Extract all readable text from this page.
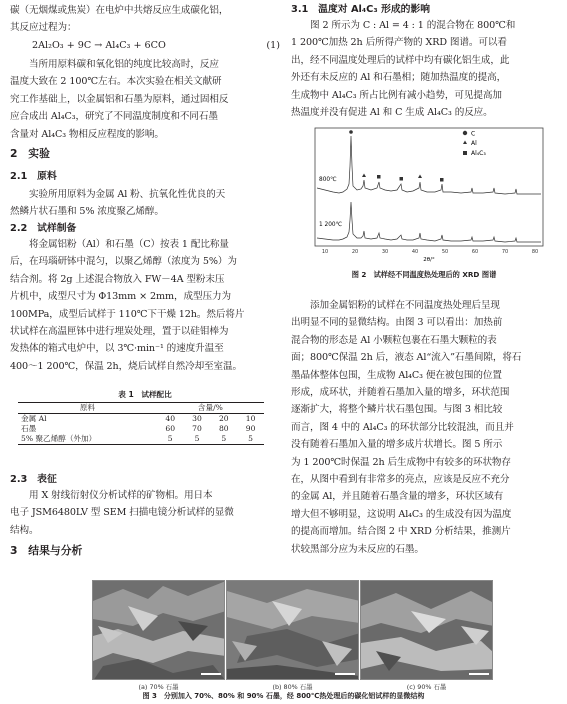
碳（无烟煤或焦炭）在电炉中共熔反应生成碳化铝，
其反应过程为：
2Al₂O₃ + 9C → Al₄C₃ + 6CO	(1)
当所用原料碳和氧化铝的纯度比较高时，反应
温度大致在 2 100℃左右。本次实验在相关文献研
究工作基础上，以金属铝和石墨为原料，通过固相反
应合成出 Al₄C₃，研究了不同温度制度和不同石墨
含量对 Al₄C₃ 物相反应程度的影响。
2　实验
2.1　原料
实验所用原料为金属 Al 粉、抗氧化性优良的天
然鳞片状石墨和 5% 浓度聚乙烯醇。
2.2　试样制备
将金属铝粉（Al）和石墨（C）按表 1 配比称量
后，在玛瑙研钵中混匀，以聚乙烯醇（浓度为 5%）为
结合剂。将 2g 上述混合物放入 FW－4A 型粉末压
片机中，成型尺寸为 Φ13mm × 2mm，成型压力为
100MPa，成型后试样于 110℃下干燥 12h。然后将片
状试样在高温匣钵中进行埋炭处理，置于以硅钼棒为
发热体的箱式电炉中，以 3℃·min⁻¹ 的速度升温至
400～1 200℃，保温 2h，烧后试样自然冷却至室温。
表 1　试样配比
原料	含量/%			
金属 Al	40	30	20	10
石墨	60	70	80	90
5% 聚乙烯醇（外加）	5	5	5	5
2.3　表征
用 X 射线衍射仪分析试样的矿物相。用日本
电子 JSM6480LV 型 SEM 扫描电镜分析试样的显微
结构。
3　结果与分析
3.1　温度对 Al₄C₃ 形成的影响
图 2 所示为 C : Al = 4 : 1 的混合物在 800℃和
1 200℃加热 2h 后所得产物的 XRD 图谱。可以看
出，经不同温度处理后的试样中均有碳化铝生成，此
外还有未反应的 Al 和石墨相；随加热温度的提高，
生成物中 Al₄C₃ 所占比例有减小趋势，可见提高加
热温度并没有促进 Al 和 C 生成 Al₄C₃ 的反应。
C
Al
Al₄C₃
800℃
1 200℃
10	20	30	40	50	60	70	80
2θ/°
图 2　试样经不同温度热处理后的 XRD 图谱
添加金属铝粉的试样在不同温度热处理后呈现
出明显不同的显微结构。由图 3 可以看出：加热前
混合物的形态是 Al 小颗粒包裹在石墨大颗粒的表
面；800℃保温 2h 后，液态 Al“流入”石墨间隙，将石
墨晶体整体包围，生成物 Al₄C₃ 便在被包围的位置
形成，成环状，并随着石墨加入量的增多，环状范围
逐渐扩大，将整个鳞片状石墨包围。与图 3 相比较
而言，图 4 中的 Al₄C₃ 的环状部分比较混浊，而且并
没有随着石墨加入量的增多成片状增长。图 5 所示
为 1 200℃时保温 2h 后生成物中有较多的环状物存
在，从图中看到有非常多的亮点，应该是反应不充分
的金属 Al，并且随着石墨含量的增多，环状区域有
增大但不够明显，这说明 Al₄C₃ 的生成没有因为温度
的提高而增加。结合图 2 中 XRD 分析结果，推测片
状较黑部分应为未反应的石墨。
(a) 70% 石墨	(b) 80% 石墨	(c) 90% 石墨
图 3　分别加入 70%、80% 和 90% 石墨，经 800℃热处理后的碳化铝试样的显微结构
